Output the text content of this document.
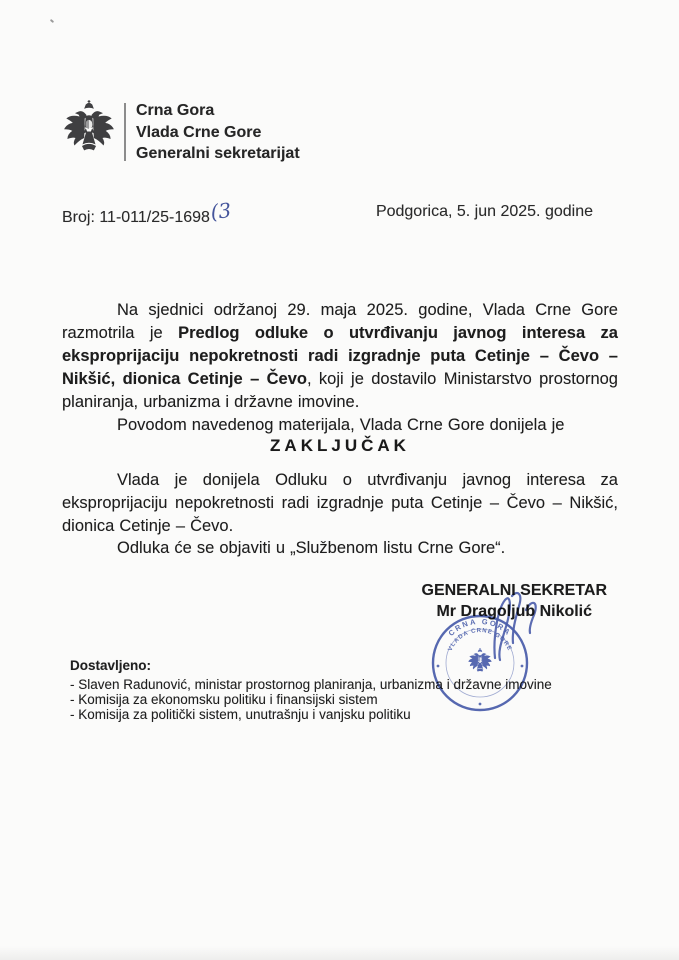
Crna Gora
Vlada Crne Gore
Generalni sekretarijat
Broj: 11-011/25-1698(3	Podgorica, 5. jun 2025. godine

Na sjednici održanoj 29. maja 2025. godine, Vlada Crne Gore razmotrila je Predlog odluke o utvrđivanju javnog interesa za eksproprijaciju nepokretnosti radi izgradnje puta Cetinje – Čevo – Nikšić, dionica Cetinje – Čevo, koji je dostavilo Ministarstvo prostornog planiranja, urbanizma i državne imovine.

Povodom navedenog materijala, Vlada Crne Gore donijela je

ZAKLJUČAK

Vlada je donijela Odluku o utvrđivanju javnog interesa za eksproprijaciju nepokretnosti radi izgradnje puta Cetinje – Čevo – Nikšić, dionica Cetinje – Čevo.

Odluka će se objaviti u „Službenom listu Crne Gore“.

GENERALNI SEKRETAR
Mr Dragoljub Nikolić
Dostavljeno:
- Slaven Radunović, ministar prostornog planiranja, urbanizma i državne imovine
- Komisija za ekonomsku politiku i finansijski sistem
- Komisija za politički sistem, unutrašnju i vanjsku politiku
CRNA GORA
VLADA CRNE GORE
